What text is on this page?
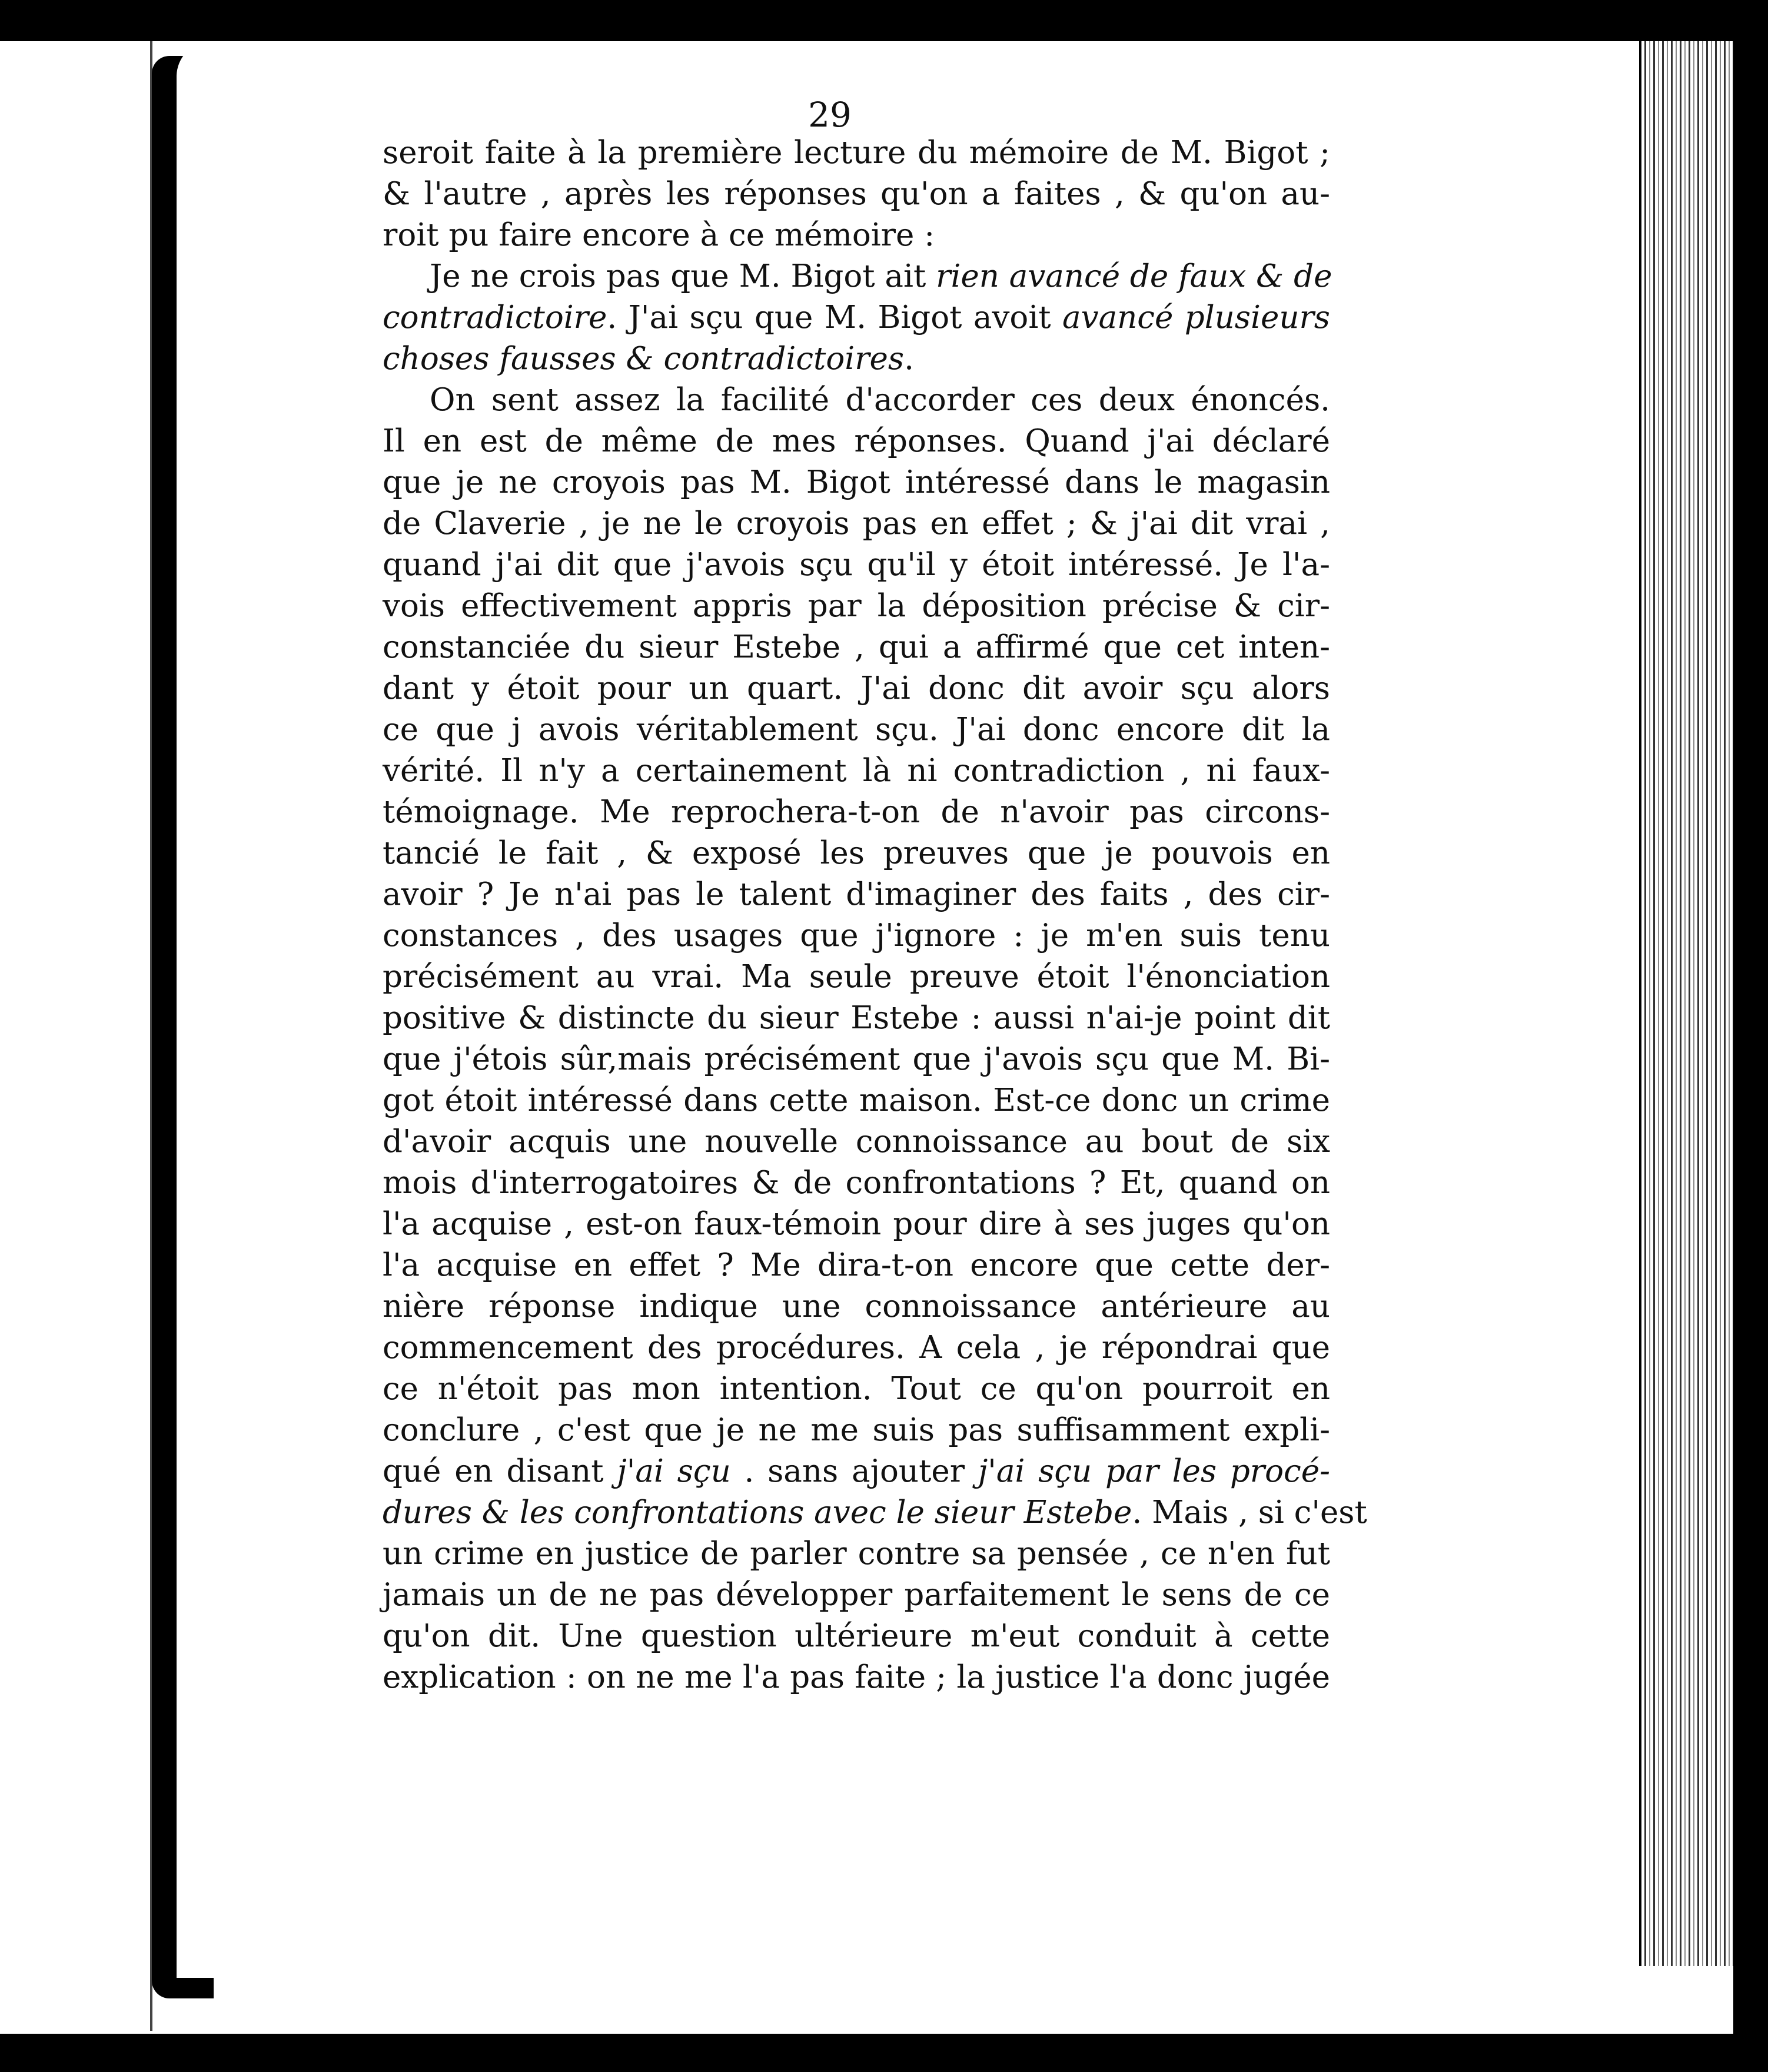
29
seroit faite à la première lecture du mémoire de M. Bigot ;
& l'autre , après les réponses qu'on a faites , & qu'on au-
roit pu faire encore à ce mémoire :
Je ne crois pas que M. Bigot ait rien avancé de faux & de
contradictoire. J'ai sçu que M. Bigot avoit avancé plusieurs
choses fausses & contradictoires.
On sent assez la facilité d'accorder ces deux énoncés.
Il en est de même de mes réponses. Quand j'ai déclaré
que je ne croyois pas M. Bigot intéressé dans le magasin
de Claverie , je ne le croyois pas en effet ; & j'ai dit vrai ,
quand j'ai dit que j'avois sçu qu'il y étoit intéressé. Je l'a-
vois effectivement appris par la déposition précise & cir-
constanciée du sieur Estebe , qui a affirmé que cet inten-
dant y étoit pour un quart. J'ai donc dit avoir sçu alors
ce que j avois véritablement sçu. J'ai donc encore dit la
vérité. Il n'y a certainement là ni contradiction , ni faux-
témoignage. Me reprochera-t-on de n'avoir pas circons-
tancié le fait , & exposé les preuves que je pouvois en
avoir ? Je n'ai pas le talent d'imaginer des faits , des cir-
constances , des usages que j'ignore : je m'en suis tenu
précisément au vrai. Ma seule preuve étoit l'énonciation
positive & distincte du sieur Estebe : aussi n'ai-je point dit
que j'étois sûr,mais précisément que j'avois sçu que M. Bi-
got étoit intéressé dans cette maison. Est-ce donc un crime
d'avoir acquis une nouvelle connoissance au bout de six
mois d'interrogatoires & de confrontations ? Et, quand on
l'a acquise , est-on faux-témoin pour dire à ses juges qu'on
l'a acquise en effet ? Me dira-t-on encore que cette der-
nière réponse indique une connoissance antérieure au
commencement des procédures. A cela , je répondrai que
ce n'étoit pas mon intention. Tout ce qu'on pourroit en
conclure , c'est que je ne me suis pas suffisamment expli-
qué en disant j'ai sçu . sans ajouter j'ai sçu par les procé-
dures & les confrontations avec le sieur Estebe. Mais , si c'est
un crime en justice de parler contre sa pensée , ce n'en fut
jamais un de ne pas développer parfaitement le sens de ce
qu'on dit. Une question ultérieure m'eut conduit à cette
explication : on ne me l'a pas faite ; la justice l'a donc jugée
